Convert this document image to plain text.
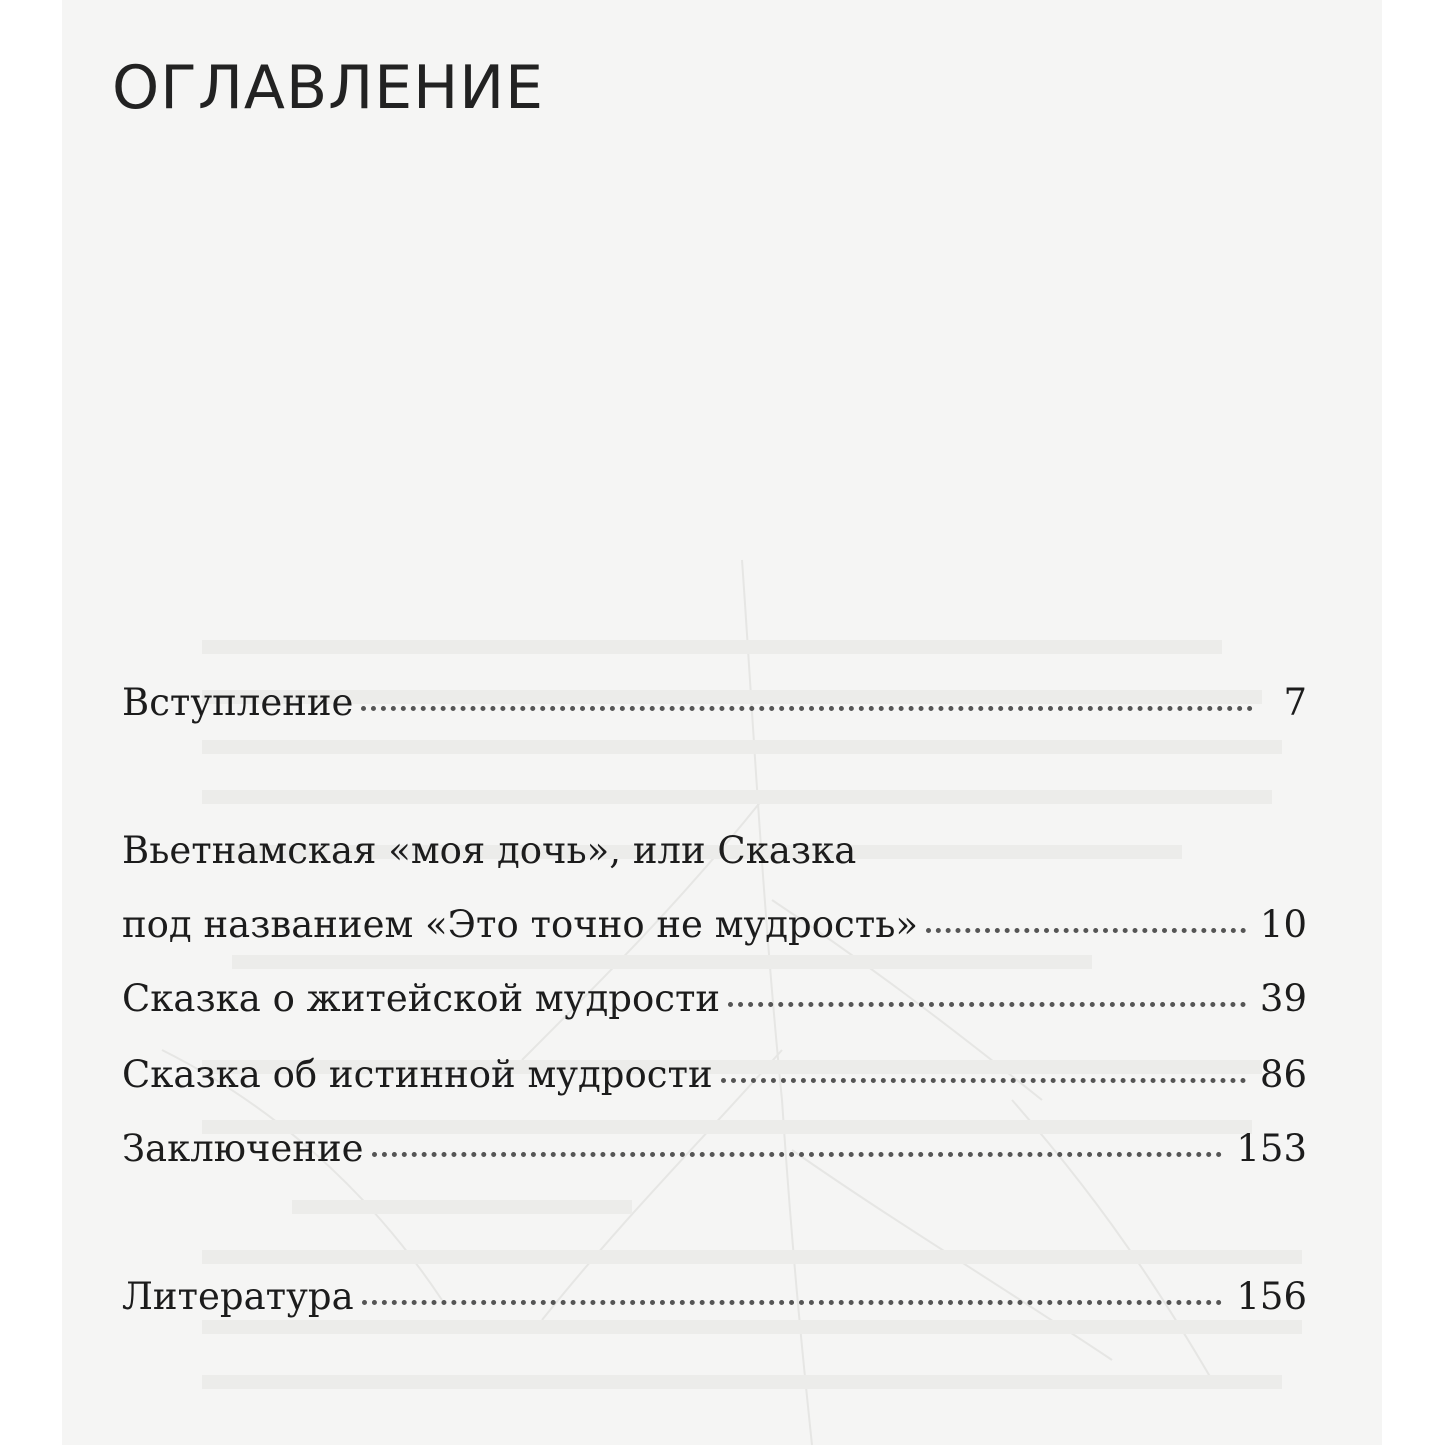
ОГЛАВЛЕНИЕ
Вступление	7
Вьетнамская «моя дочь», или Сказка
под названием «Это точно не мудрость»	10
Сказка о житейской мудрости	39
Сказка об истинной мудрости	86
Заключение	153
Литература	156
